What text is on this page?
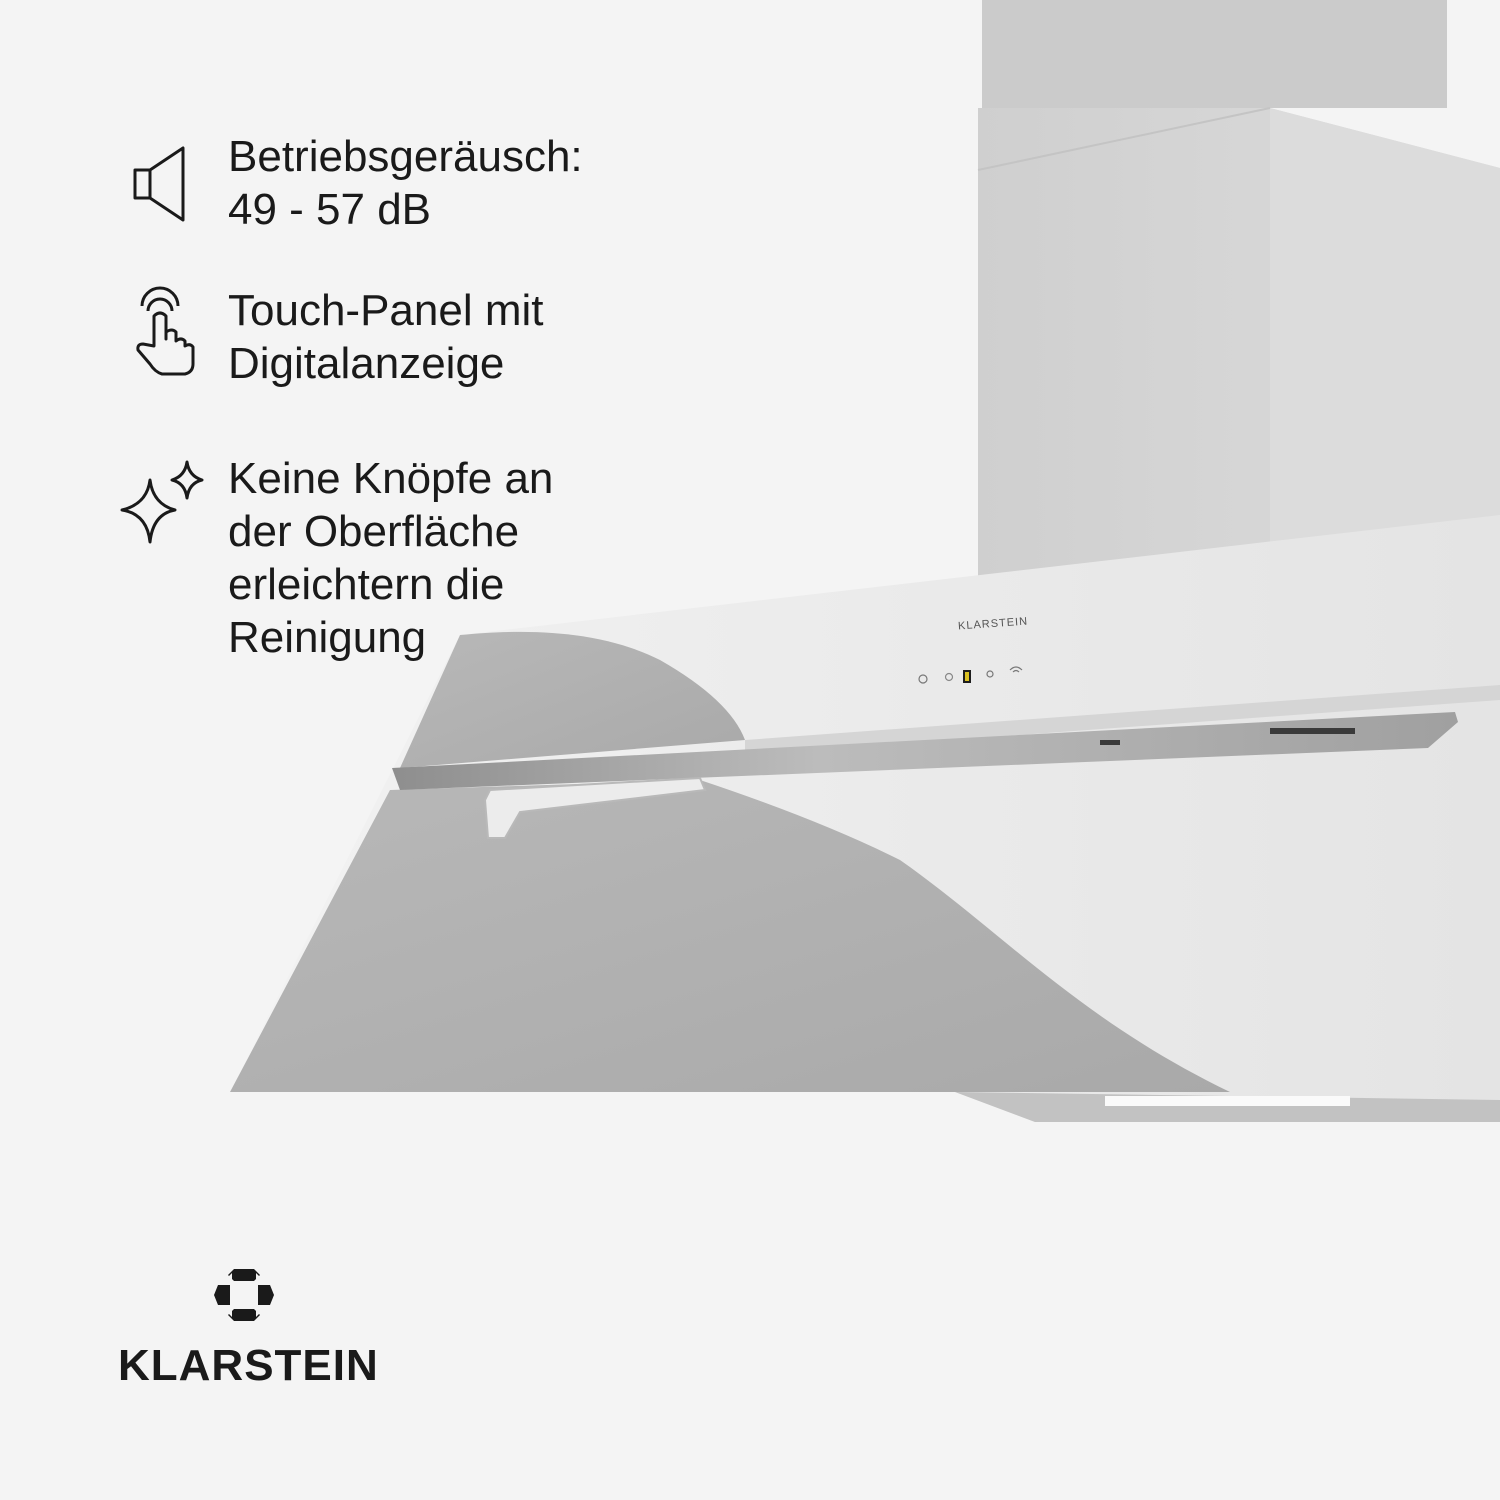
KLARSTEIN
Betriebsgeräusch:
49 - 57 dB
Touch-Panel mit
Digitalanzeige
Keine Knöpfe an
der Oberfläche
erleichtern die
Reinigung
KLARSTEIN
